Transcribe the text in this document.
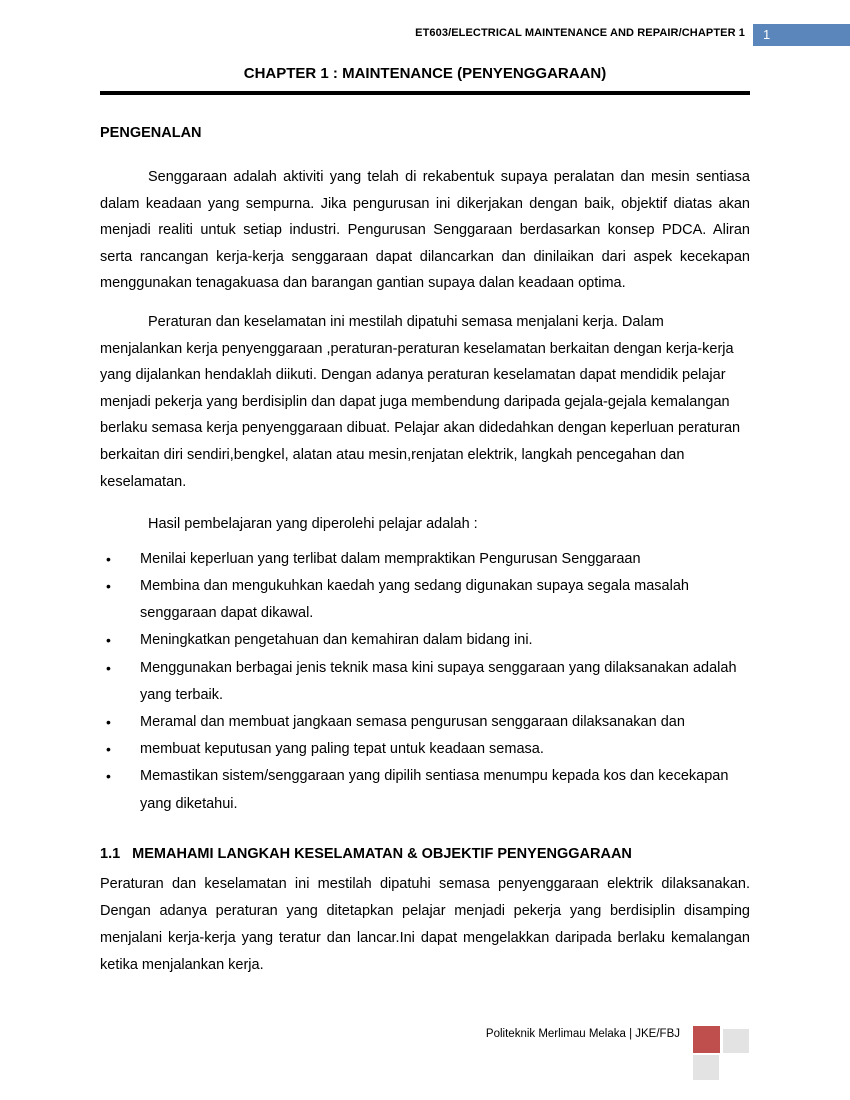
ET603/ELECTRICAL MAINTENANCE AND REPAIR/CHAPTER 1	1
CHAPTER 1 : MAINTENANCE (PENYENGGARAAN)
PENGENALAN

Senggaraan adalah aktiviti yang telah di rekabentuk supaya peralatan dan mesin sentiasa dalam keadaan yang sempurna. Jika pengurusan ini dikerjakan dengan baik, objektif diatas akan menjadi realiti untuk setiap industri. Pengurusan Senggaraan berdasarkan konsep PDCA. Aliran serta rancangan kerja-kerja senggaraan dapat dilancarkan dan dinilaikan dari aspek kecekapan menggunakan tenagakuasa dan barangan gantian supaya dalan keadaan optima.

Peraturan dan keselamatan ini mestilah dipatuhi semasa menjalani kerja. Dalam menjalankan kerja penyenggaraan ,peraturan-peraturan keselamatan berkaitan dengan kerja-kerja yang dijalankan hendaklah diikuti. Dengan adanya peraturan keselamatan dapat mendidik pelajar menjadi pekerja yang berdisiplin dan dapat juga membendung daripada gejala-gejala kemalangan berlaku semasa kerja penyenggaraan dibuat. Pelajar akan didedahkan dengan keperluan peraturan berkaitan diri sendiri,bengkel, alatan atau mesin,renjatan elektrik, langkah pencegahan dan keselamatan.

Hasil pembelajaran yang diperolehi pelajar adalah :

• Menilai keperluan yang terlibat dalam mempraktikan Pengurusan Senggaraan
• Membina dan mengukuhkan kaedah yang sedang digunakan supaya segala masalah senggaraan dapat dikawal.
• Meningkatkan pengetahuan dan kemahiran dalam bidang ini.
• Menggunakan berbagai jenis teknik masa kini supaya senggaraan yang dilaksanakan adalah yang terbaik.
• Meramal dan membuat jangkaan semasa pengurusan senggaraan dilaksanakan dan
• membuat keputusan yang paling tepat untuk keadaan semasa.
• Memastikan sistem/senggaraan yang dipilih sentiasa menumpu kepada kos dan kecekapan yang diketahui.
1.1 MEMAHAMI LANGKAH KESELAMATAN & OBJEKTIF PENYENGGARAAN

Peraturan dan keselamatan ini mestilah dipatuhi semasa penyenggaraan elektrik dilaksanakan. Dengan adanya peraturan yang ditetapkan pelajar menjadi pekerja yang berdisiplin disamping menjalani kerja-kerja yang teratur dan lancar.Ini dapat mengelakkan daripada berlaku kemalangan ketika menjalankan kerja.

Politeknik Merlimau Melaka | JKE/FBJ
